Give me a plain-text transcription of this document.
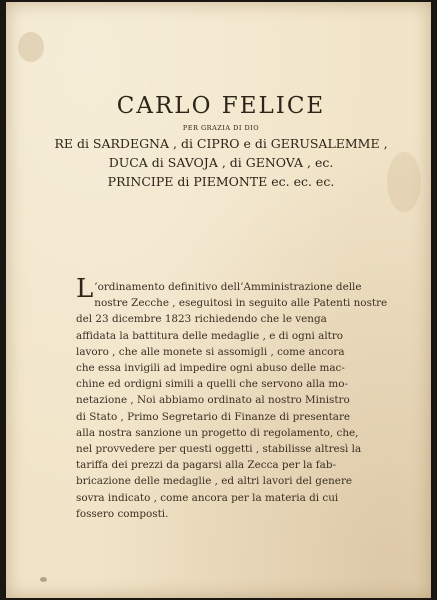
CARLO FELICE
PER GRAZIA DI DIO
RE di SARDEGNA , di CIPRO e di GERUSALEMME ,
DUCA di SAVOJA , di GENOVA , ec.
PRINCIPE di PIEMONTE ec. ec. ec.
L ’ordinamento definitivo dell’Amministrazione delle
nostre Zecche , eseguitosi in seguito alle Patenti nostre
del 23 dicembre 1823 richiedendo che le venga
affidata la battitura delle medaglie , e di ogni altro
lavoro , che alle monete si assomigli , come ancora
che essa invigili ad impedire ogni abuso delle mac-
chine ed ordigni simili a quelli che servono alla mo-
netazione , Noi abbiamo ordinato al nostro Ministro
di Stato , Primo Segretario di Finanze di presentare
alla nostra sanzione un progetto di regolamento, che,
nel provvedere per questi oggetti , stabilisse altresì la
tariffa dei prezzi da pagarsi alla Zecca per la fab-
bricazione delle medaglie , ed altri lavori del genere
sovra indicato , come ancora per la materia di cui
fossero composti.
